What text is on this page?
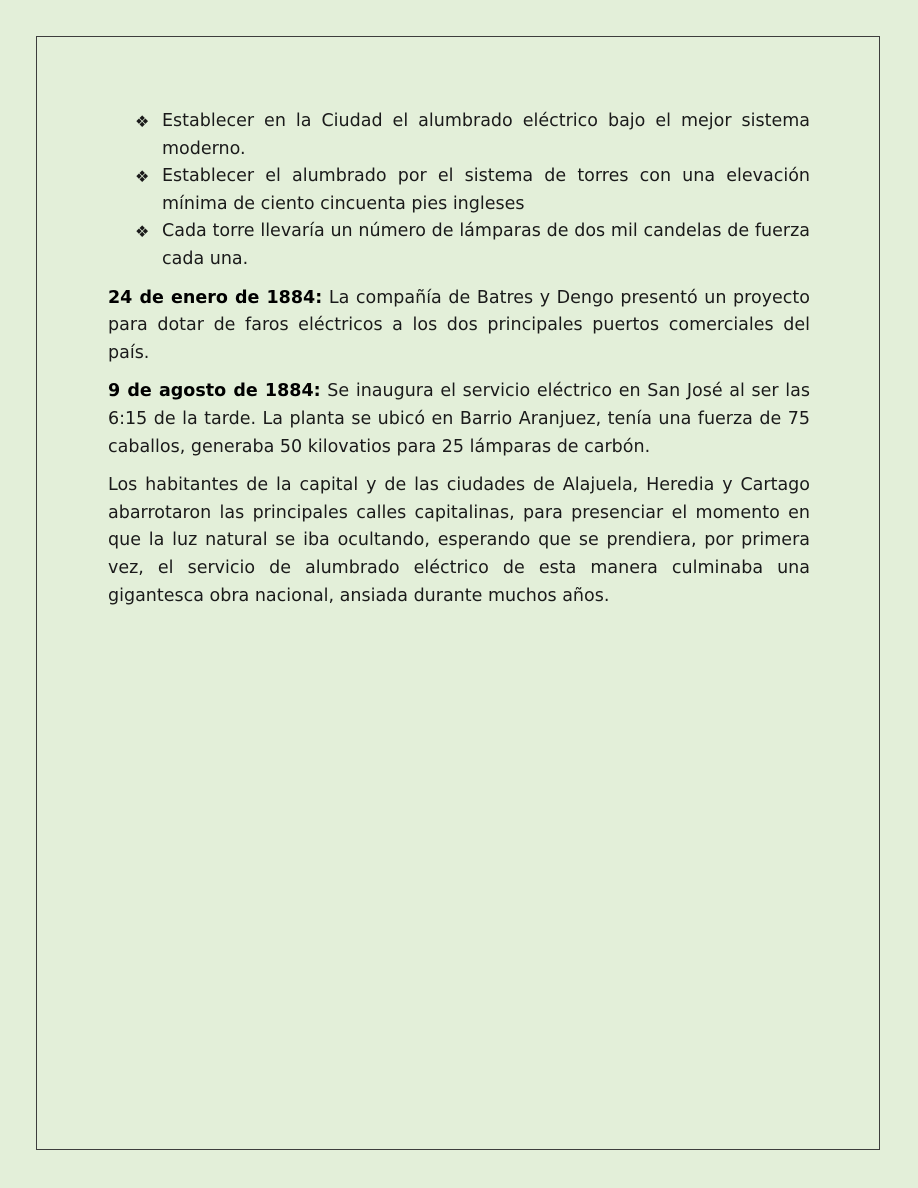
❖ Establecer en la Ciudad el alumbrado eléctrico bajo el mejor sistema moderno.
❖ Establecer el alumbrado por el sistema de torres con una elevación mínima de ciento cincuenta pies ingleses
❖ Cada torre llevaría un número de lámparas de dos mil candelas de fuerza cada una.

24 de enero de 1884: La compañía de Batres y Dengo presentó un proyecto para dotar de faros eléctricos a los dos principales puertos comerciales del país.

9 de agosto de 1884: Se inaugura el servicio eléctrico en San José al ser las 6:15 de la tarde. La planta se ubicó en Barrio Aranjuez, tenía una fuerza de 75 caballos, generaba 50 kilovatios para 25 lámparas de carbón.

Los habitantes de la capital y de las ciudades de Alajuela, Heredia y Cartago abarrotaron las principales calles capitalinas, para presenciar el momento en que la luz natural se iba ocultando, esperando que se prendiera, por primera vez, el servicio de alumbrado eléctrico de esta manera culminaba una gigantesca obra nacional, ansiada durante muchos años.
